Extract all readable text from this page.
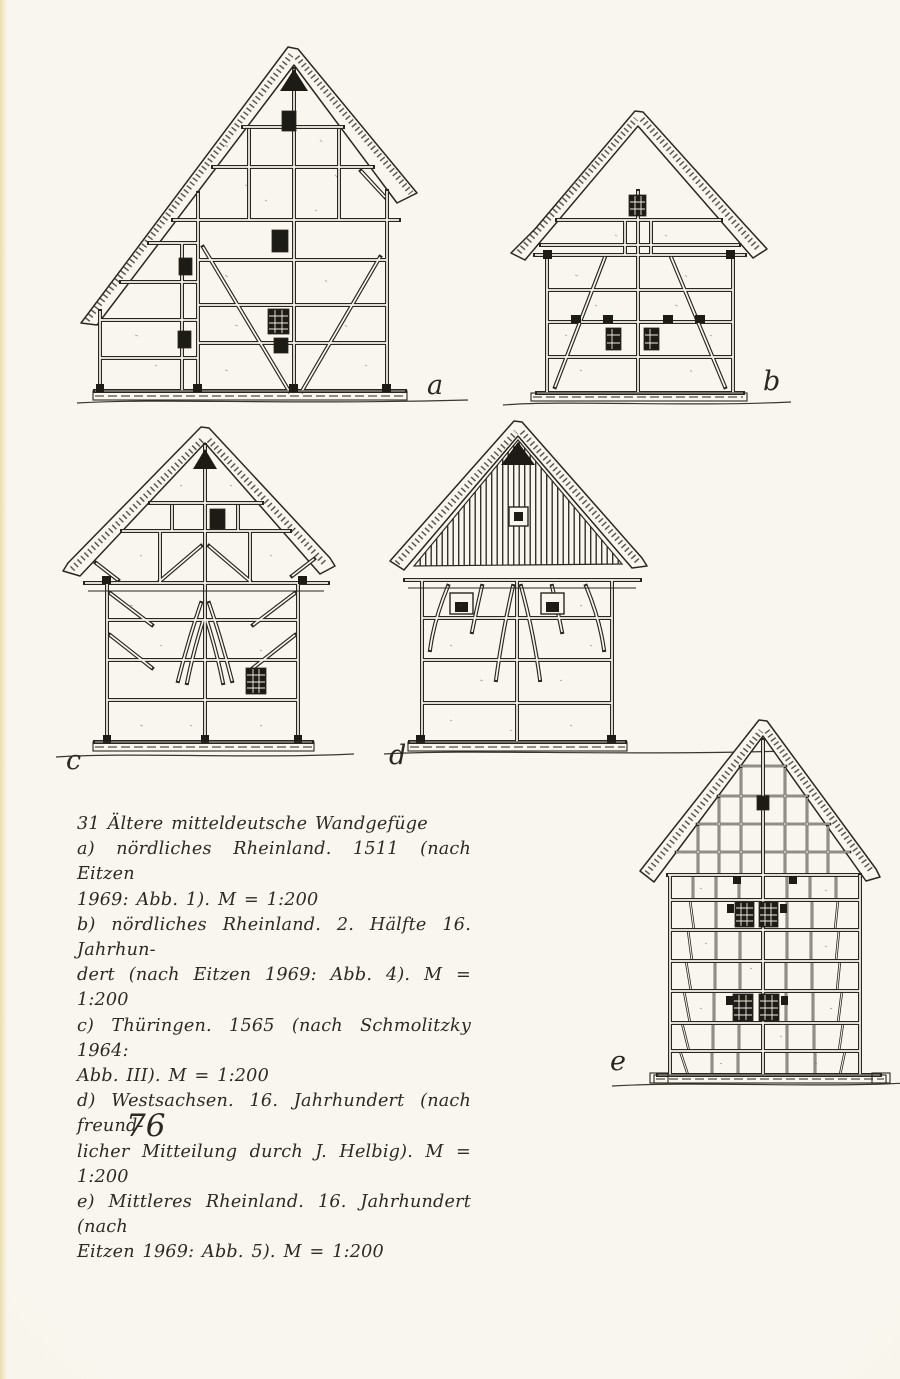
a	b
c	d
e
31 Ältere mitteldeutsche Wandgefüge
a) nördliches Rheinland. 1511 (nach Eitzen
1969: Abb. 1). M = 1:200
b) nördliches Rheinland. 2. Hälfte 16. Jahrhun-
dert (nach Eitzen 1969: Abb. 4). M = 1:200
c) Thüringen. 1565 (nach Schmolitzky 1964:
Abb. III). M = 1:200
d) Westsachsen. 16. Jahrhundert (nach freund-
licher Mitteilung durch J. Helbig). M = 1:200
e) Mittleres Rheinland. 16. Jahrhundert (nach
Eitzen 1969: Abb. 5). M = 1:200
76
